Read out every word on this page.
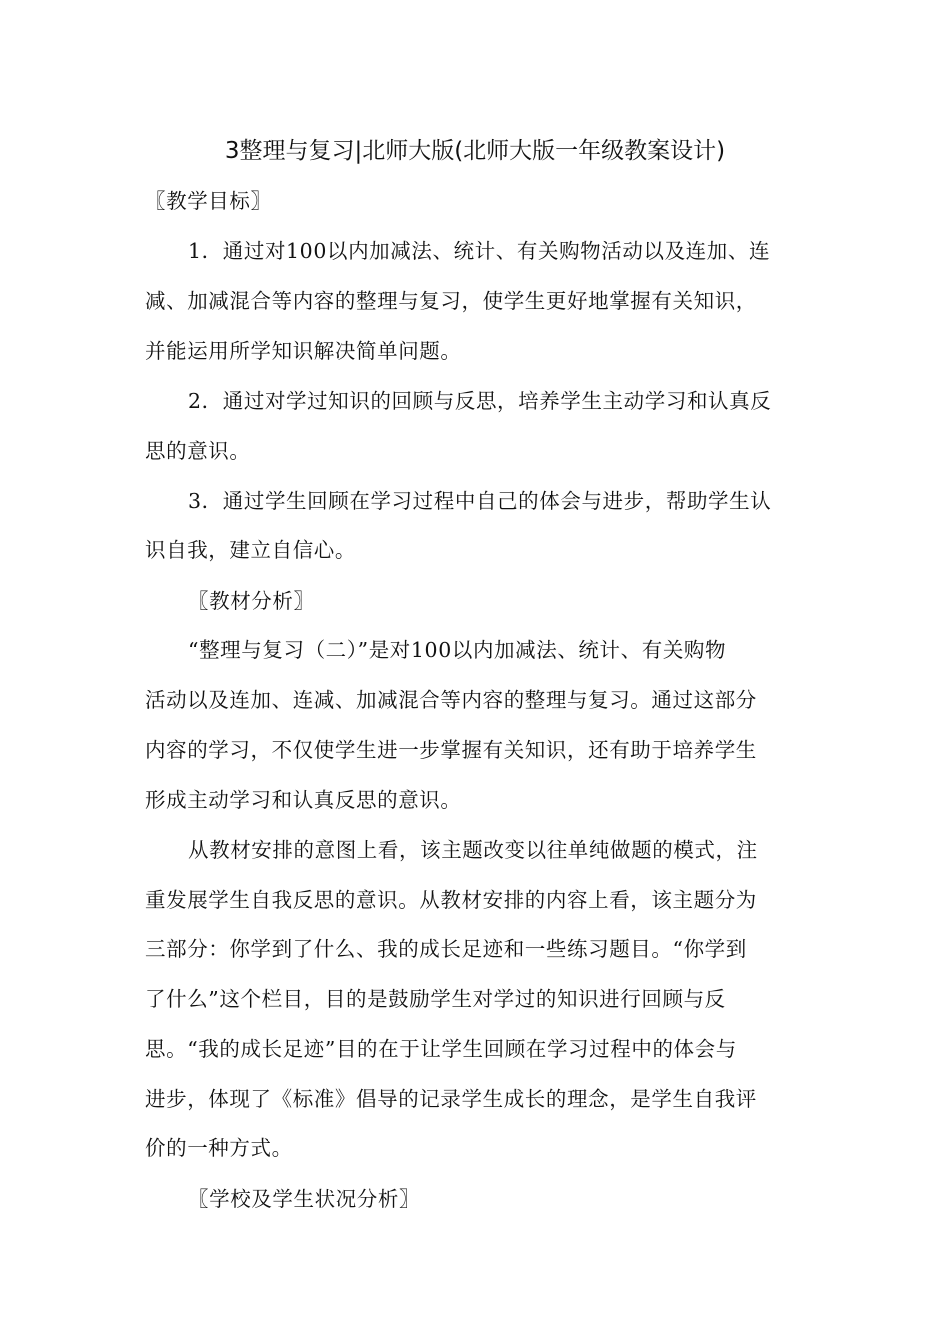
3整理与复习|北师大版(北师大版一年级教案设计)
〖教学目标〗
1．通过对100以内加减法、统计、有关购物活动以及连加、连
减、加减混合等内容的整理与复习，使学生更好地掌握有关知识，
并能运用所学知识解决简单问题。
2．通过对学过知识的回顾与反思，培养学生主动学习和认真反
思的意识。
3．通过学生回顾在学习过程中自己的体会与进步，帮助学生认
识自我，建立自信心。
〖教材分析〗
“整理与复习（二）”是对100以内加减法、统计、有关购物
活动以及连加、连减、加减混合等内容的整理与复习。通过这部分
内容的学习，不仅使学生进一步掌握有关知识，还有助于培养学生
形成主动学习和认真反思的意识。
从教材安排的意图上看，该主题改变以往单纯做题的模式，注
重发展学生自我反思的意识。从教材安排的内容上看，该主题分为
三部分：你学到了什么、我的成长足迹和一些练习题目。“你学到
了什么”这个栏目，目的是鼓励学生对学过的知识进行回顾与反
思。“我的成长足迹”目的在于让学生回顾在学习过程中的体会与
进步，体现了《标准》倡导的记录学生成长的理念，是学生自我评
价的一种方式。
〖学校及学生状况分析〗
